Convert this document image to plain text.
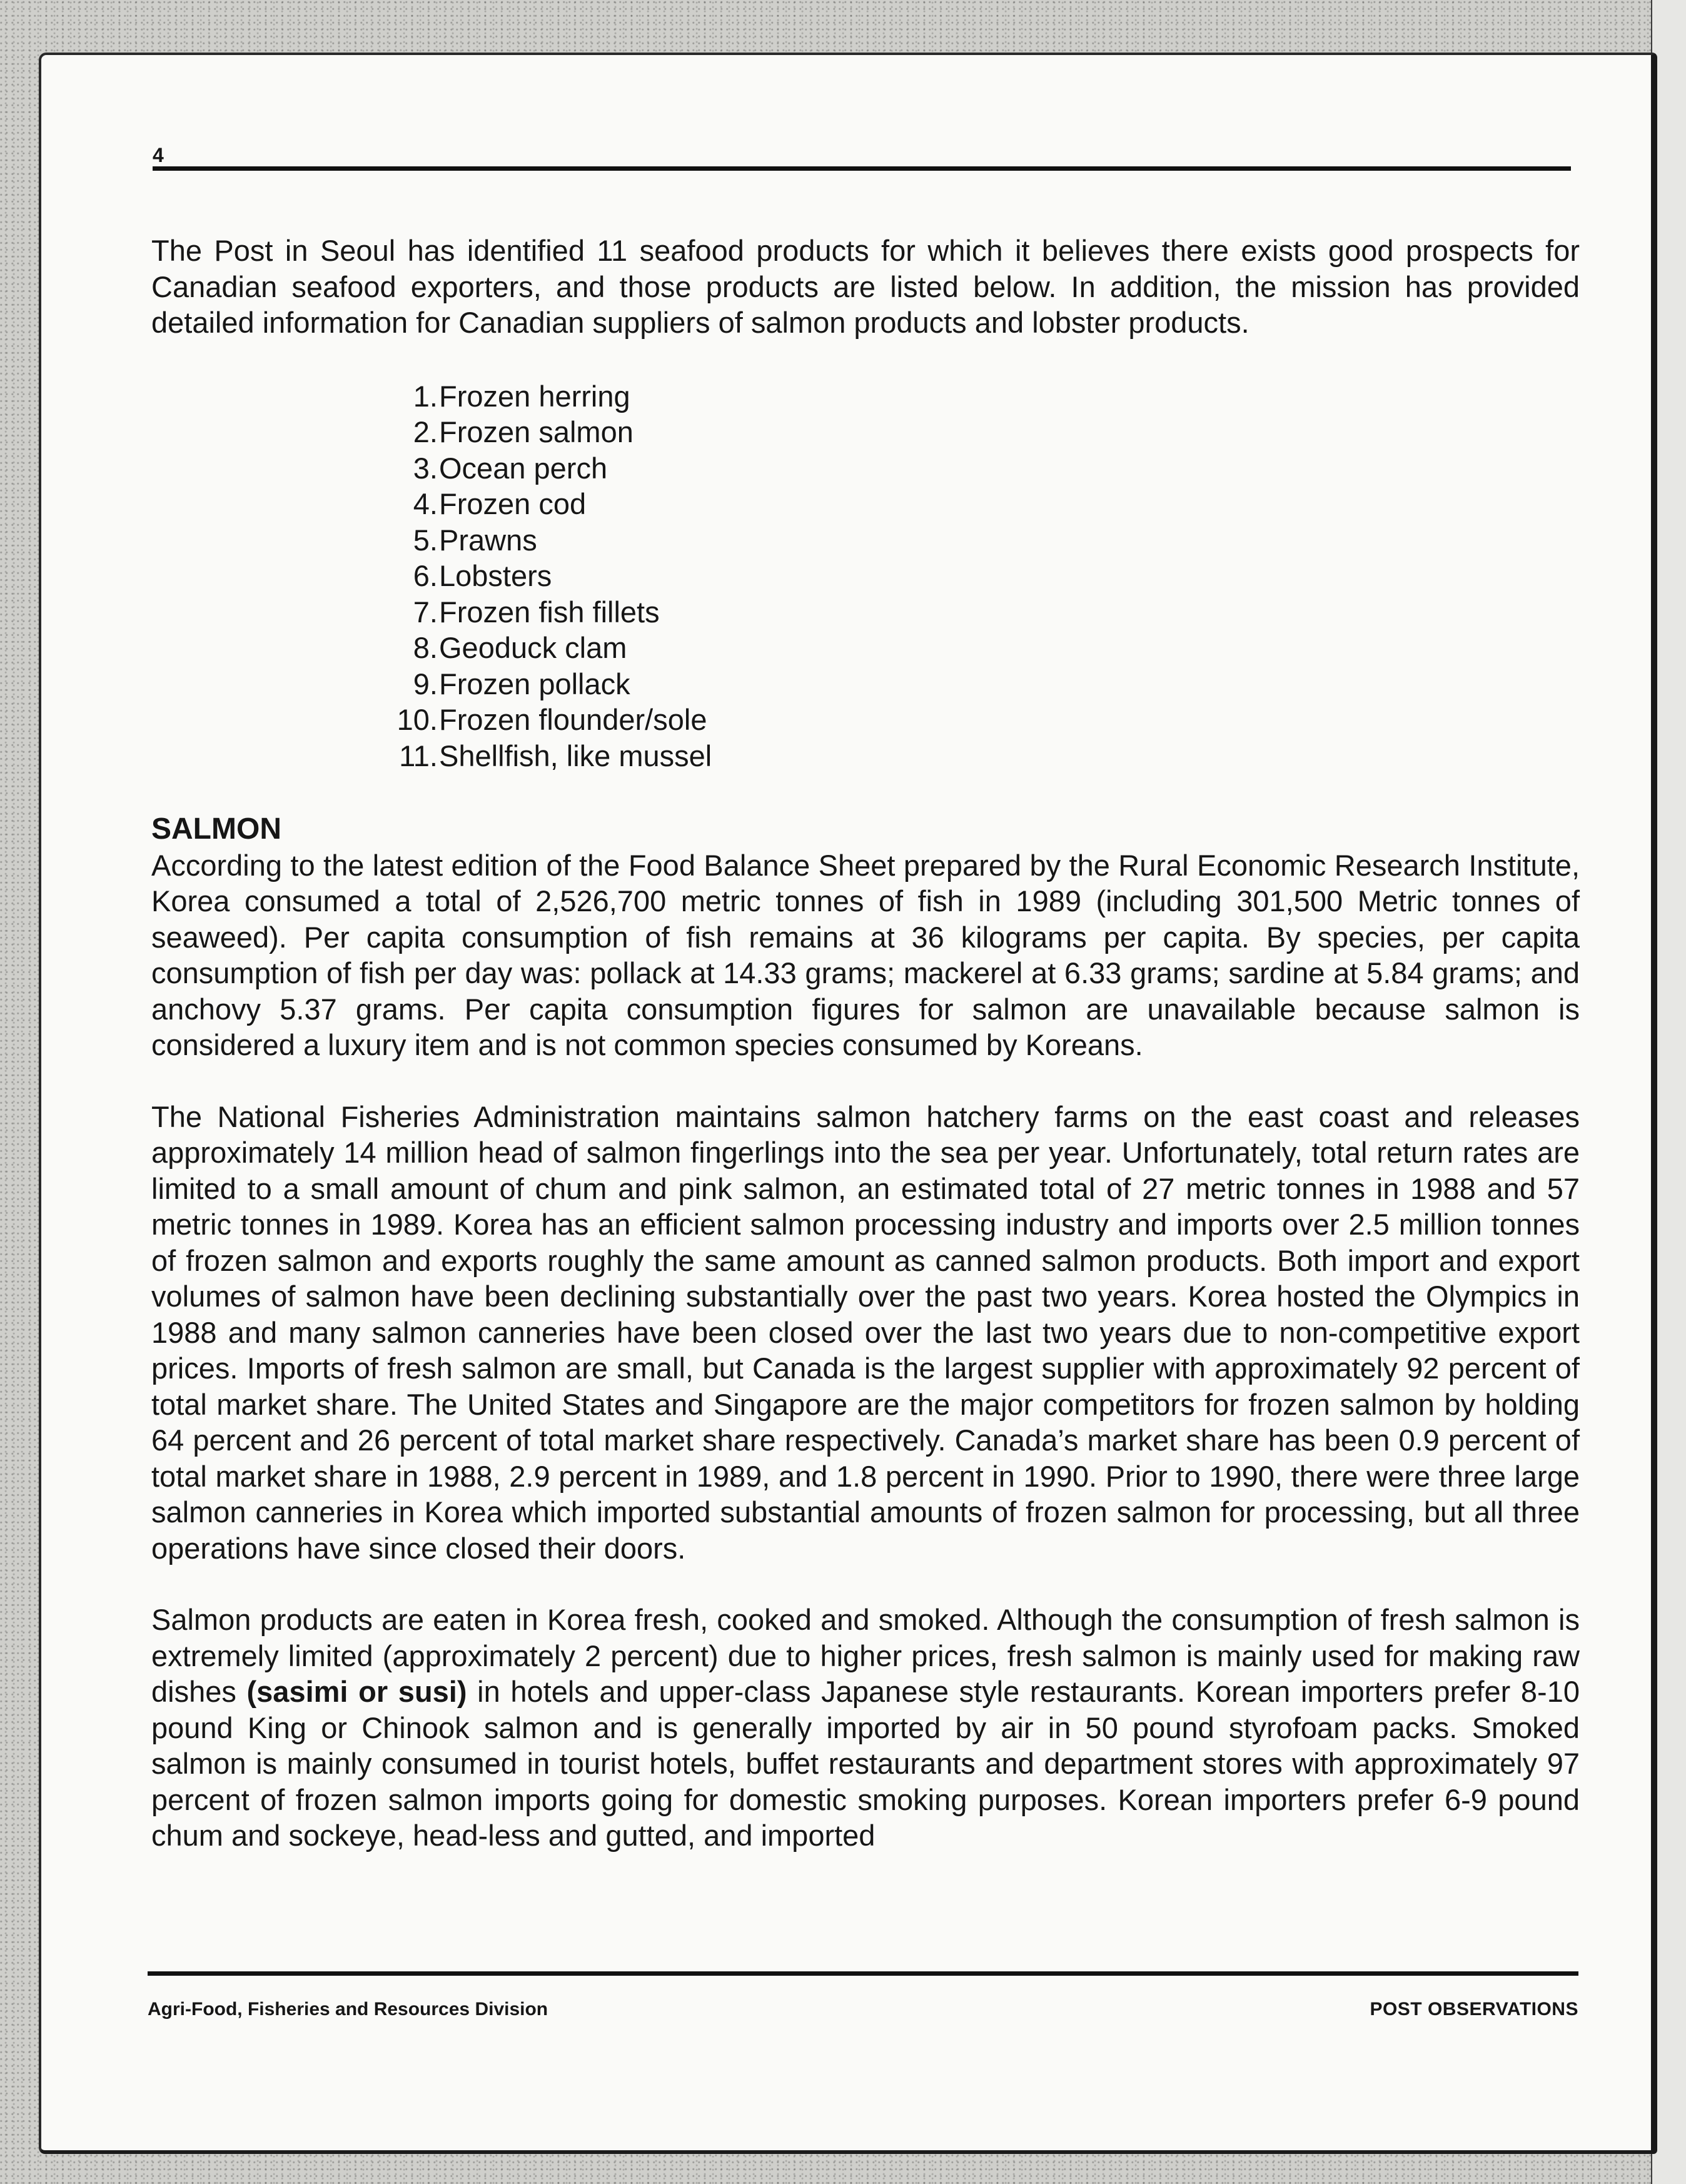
4

The Post in Seoul has identified 11 seafood products for which it believes there exists good prospects for Canadian seafood exporters, and those products are listed below. In addition, the mission has provided detailed information for Canadian suppliers of salmon products and lobster products.

1. Frozen herring
2. Frozen salmon
3. Ocean perch
4. Frozen cod
5. Prawns
6. Lobsters
7. Frozen fish fillets
8. Geoduck clam
9. Frozen pollack
10. Frozen flounder/sole
11. Shellfish, like mussel
SALMON

According to the latest edition of the Food Balance Sheet prepared by the Rural Economic Research Institute, Korea consumed a total of 2,526,700 metric tonnes of fish in 1989 (including 301,500 Metric tonnes of seaweed). Per capita consumption of fish remains at 36 kilograms per capita. By species, per capita consumption of fish per day was: pollack at 14.33 grams; mackerel at 6.33 grams; sardine at 5.84 grams; and anchovy 5.37 grams. Per capita consumption figures for salmon are unavailable because salmon is considered a luxury item and is not common species consumed by Koreans.

The National Fisheries Administration maintains salmon hatchery farms on the east coast and releases approximately 14 million head of salmon fingerlings into the sea per year. Unfortunately, total return rates are limited to a small amount of chum and pink salmon, an estimated total of 27 metric tonnes in 1988 and 57 metric tonnes in 1989. Korea has an efficient salmon processing industry and imports over 2.5 million tonnes of frozen salmon and exports roughly the same amount as canned salmon products. Both import and export volumes of salmon have been declining substantially over the past two years. Korea hosted the Olympics in 1988 and many salmon canneries have been closed over the last two years due to non-competitive export prices. Imports of fresh salmon are small, but Canada is the largest supplier with approximately 92 percent of total market share. The United States and Singapore are the major competitors for frozen salmon by holding 64 percent and 26 percent of total market share respectively. Canada’s market share has been 0.9 percent of total market share in 1988, 2.9 percent in 1989, and 1.8 percent in 1990. Prior to 1990, there were three large salmon canneries in Korea which imported substantial amounts of frozen salmon for processing, but all three operations have since closed their doors.

Salmon products are eaten in Korea fresh, cooked and smoked. Although the consumption of fresh salmon is extremely limited (approximately 2 percent) due to higher prices, fresh salmon is mainly used for making raw dishes (sasimi or susi) in hotels and upper-class Japanese style restaurants. Korean importers prefer 8-10 pound King or Chinook salmon and is generally imported by air in 50 pound styrofoam packs. Smoked salmon is mainly consumed in tourist hotels, buffet restaurants and department stores with approximately 97 percent of frozen salmon imports going for domestic smoking purposes. Korean importers prefer 6-9 pound chum and sockeye, head-less and gutted, and imported

Agri-Food, Fisheries and Resources Division	POST OBSERVATIONS
